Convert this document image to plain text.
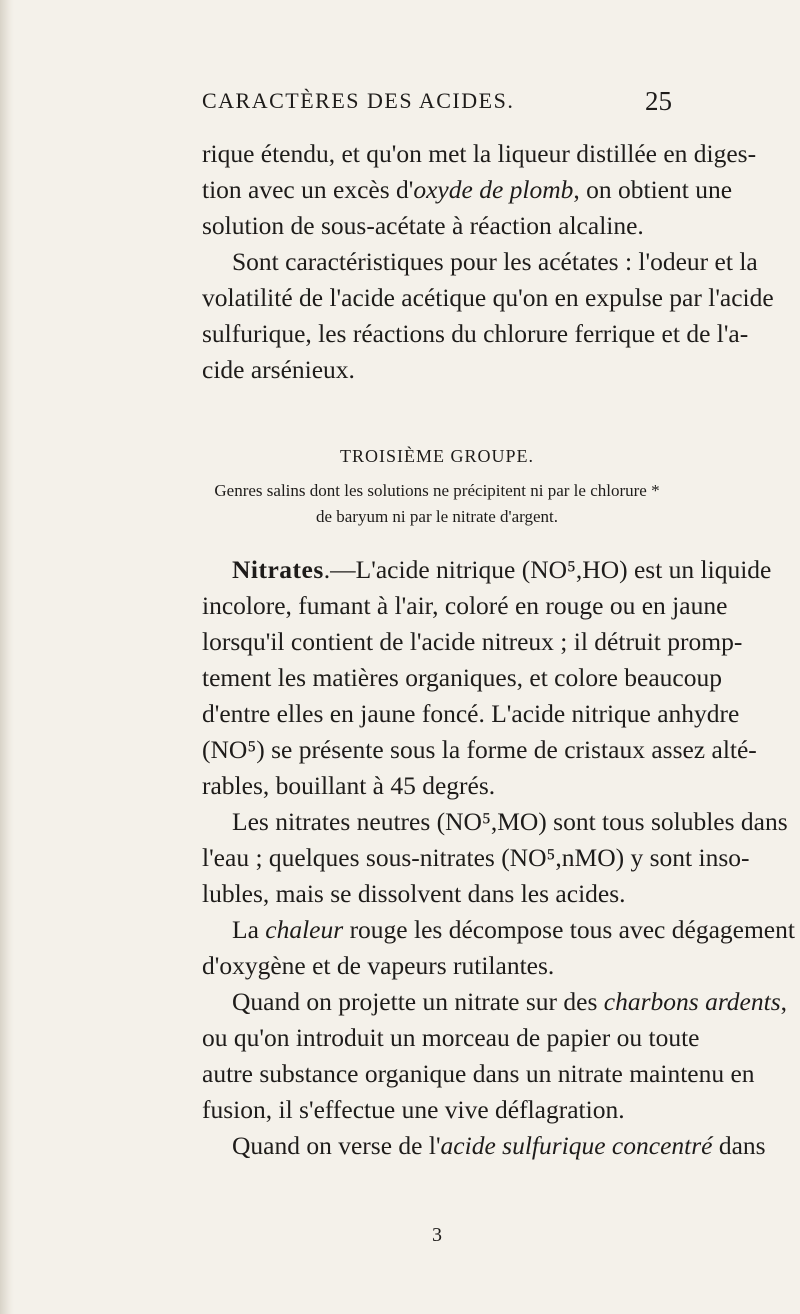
CARACTÈRES DES ACIDES.	25
rique étendu, et qu'on met la liqueur distillée en diges-
tion avec un excès d'oxyde de plomb, on obtient une
solution de sous-acétate à réaction alcaline.
Sont caractéristiques pour les acétates : l'odeur et la
volatilité de l'acide acétique qu'on en expulse par l'acide
sulfurique, les réactions du chlorure ferrique et de l'a-
cide arsénieux.
TROISIÈME GROUPE.
Genres salins dont les solutions ne précipitent ni par le chlorure *
de baryum ni par le nitrate d'argent.
Nitrates.—L'acide nitrique (NO⁵,HO) est un liquide
incolore, fumant à l'air, coloré en rouge ou en jaune
lorsqu'il contient de l'acide nitreux ; il détruit promp-
tement les matières organiques, et colore beaucoup
d'entre elles en jaune foncé. L'acide nitrique anhydre
(NO⁵) se présente sous la forme de cristaux assez alté-
rables, bouillant à 45 degrés.
Les nitrates neutres (NO⁵,MO) sont tous solubles dans
l'eau ; quelques sous-nitrates (NO⁵,nMO) y sont inso-
lubles, mais se dissolvent dans les acides.
La chaleur rouge les décompose tous avec dégagement
d'oxygène et de vapeurs rutilantes.
Quand on projette un nitrate sur des charbons ardents,
ou qu'on introduit un morceau de papier ou toute
autre substance organique dans un nitrate maintenu en
fusion, il s'effectue une vive déflagration.
Quand on verse de l'acide sulfurique concentré dans
3
